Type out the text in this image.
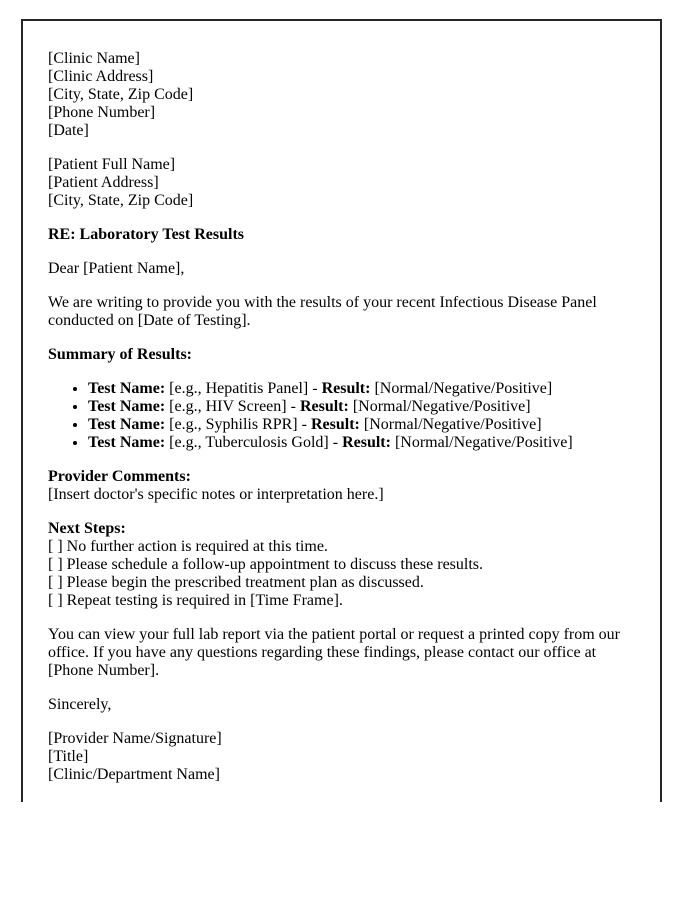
[Clinic Name]
[Clinic Address]
[City, State, Zip Code]
[Phone Number]
[Date]
[Patient Full Name]
[Patient Address]
[City, State, Zip Code]
RE: Laboratory Test Results
Dear [Patient Name],
We are writing to provide you with the results of your recent Infectious Disease Panel conducted on [Date of Testing].
Summary of Results:
• Test Name: [e.g., Hepatitis Panel] - Result: [Normal/Negative/Positive]
• Test Name: [e.g., HIV Screen] - Result: [Normal/Negative/Positive]
• Test Name: [e.g., Syphilis RPR] - Result: [Normal/Negative/Positive]
• Test Name: [e.g., Tuberculosis Gold] - Result: [Normal/Negative/Positive]
Provider Comments:
[Insert doctor's specific notes or interpretation here.]
Next Steps:
[ ] No further action is required at this time.
[ ] Please schedule a follow-up appointment to discuss these results.
[ ] Please begin the prescribed treatment plan as discussed.
[ ] Repeat testing is required in [Time Frame].
You can view your full lab report via the patient portal or request a printed copy from our office. If you have any questions regarding these findings, please contact our office at [Phone Number].
Sincerely,
[Provider Name/Signature]
[Title]
[Clinic/Department Name]
